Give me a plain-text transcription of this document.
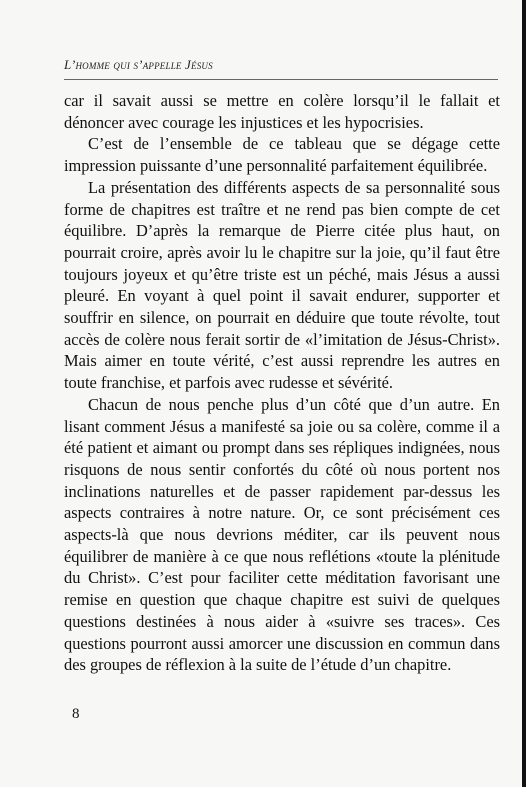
L’homme qui s’appelle Jésus

car il savait aussi se mettre en colère lorsqu’il le fallait et dénoncer avec courage les injustices et les hypocrisies.

C’est de l’ensemble de ce tableau que se dégage cette impression puissante d’une personnalité parfaitement équilibrée.

La présentation des différents aspects de sa personnalité sous forme de chapitres est traître et ne rend pas bien compte de cet équilibre. D’après la remarque de Pierre citée plus haut, on pourrait croire, après avoir lu le chapitre sur la joie, qu’il faut être toujours joyeux et qu’être triste est un péché, mais Jésus a aussi pleuré. En voyant à quel point il savait endurer, supporter et souffrir en silence, on pourrait en déduire que toute révolte, tout accès de colère nous ferait sortir de «l’imitation de Jésus-Christ». Mais aimer en toute vérité, c’est aussi reprendre les autres en toute franchise, et parfois avec rudesse et sévérité.

Chacun de nous penche plus d’un côté que d’un autre. En lisant comment Jésus a manifesté sa joie ou sa colère, comme il a été patient et aimant ou prompt dans ses répliques indignées, nous risquons de nous sentir confortés du côté où nous portent nos inclinations naturelles et de passer rapidement par-dessus les aspects contraires à notre nature. Or, ce sont précisément ces aspects-là que nous devrions méditer, car ils peuvent nous équilibrer de manière à ce que nous reflétions «toute la plénitude du Christ». C’est pour faciliter cette méditation favorisant une remise en question que chaque chapitre est suivi de quelques questions destinées à nous aider à «suivre ses traces». Ces questions pourront aussi amorcer une discussion en commun dans des groupes de réflexion à la suite de l’étude d’un chapitre.

8
